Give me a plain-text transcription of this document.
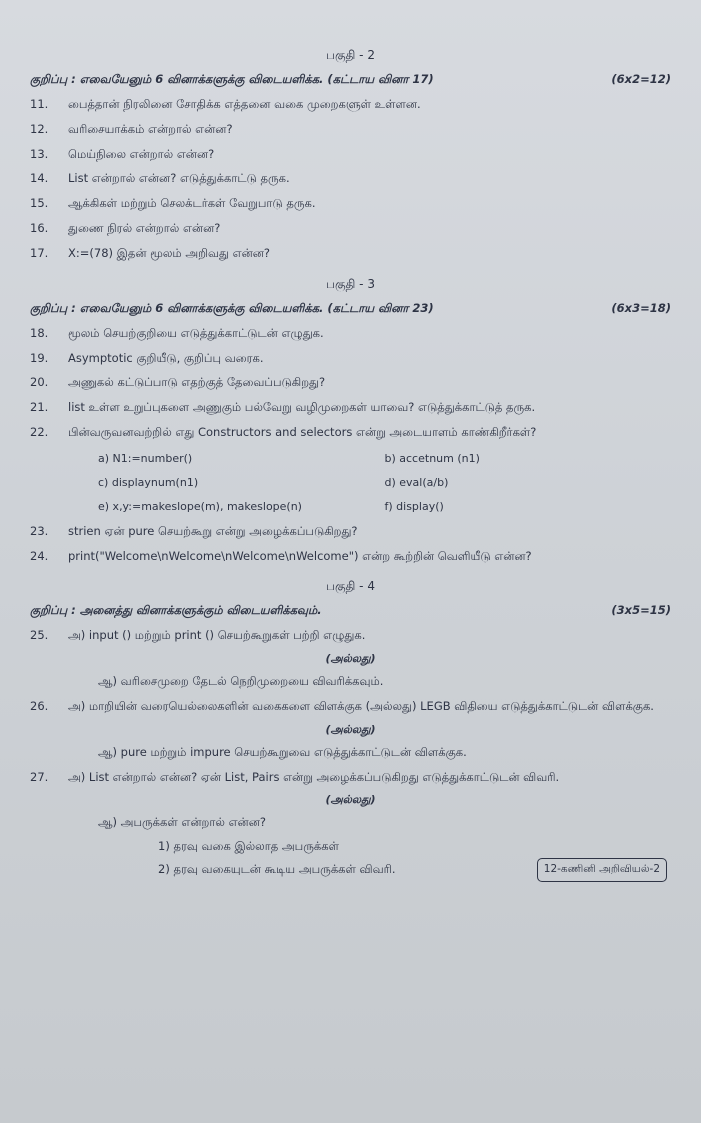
பகுதி - 2
குறிப்பு : எவையேனும் 6 வினாக்களுக்கு விடையளிக்க. (கட்டாய வினா 17)	(6x2=12)
11.	பைத்தான் நிரலினை சோதிக்க எத்தனை வகை முறைகளுள் உள்ளன.
12.	வரிசையாக்கம் என்றால் என்ன?
13.	மெய்நிலை என்றால் என்ன?
14.	List என்றால் என்ன? எடுத்துக்காட்டு தருக.
15.	ஆக்கிகள் மற்றும் செலக்டர்கள் வேறுபாடு தருக.
16.	துணை நிரல் என்றால் என்ன?
17.	X:=(78) இதன் மூலம் அறிவது என்ன?
பகுதி - 3
குறிப்பு : எவையேனும் 6 வினாக்களுக்கு விடையளிக்க. (கட்டாய வினா 23)	(6x3=18)
18.	மூலம் செயற்குறியை எடுத்துக்காட்டுடன் எழுதுக.
19.	Asymptotic குறியீடு, குறிப்பு வரைக.
20.	அணுகல் கட்டுப்பாடு எதற்குத் தேவைப்படுகிறது?
21.	list உள்ள உறுப்புகளை அணுகும் பல்வேறு வழிமுறைகள் யாவை? எடுத்துக்காட்டுத் தருக.
22.	பின்வருவனவற்றில் எது Constructors and selectors என்று அடையாளம் காண்கிறீர்கள்?
a) N1:=number()	b) accetnum (n1)
c) displaynum(n1)	d) eval(a/b)
e) x,y:=makeslope(m), makeslope(n)	f) display()
23.	strien ஏன் pure செயற்கூறு என்று அழைக்கப்படுகிறது?
24.	print("Welcome\nWelcome\nWelcome\nWelcome") என்ற கூற்றின் வெளியீடு என்ன?
பகுதி - 4
குறிப்பு : அனைத்து வினாக்களுக்கும் விடையளிக்கவும்.	(3x5=15)
25.	அ) input () மற்றும் print () செயற்கூறுகள் பற்றி எழுதுக.
(அல்லது)
ஆ) வரிசைமுறை தேடல் நெறிமுறையை விவரிக்கவும்.
26.	அ) மாறியின் வரையெல்லைகளின் வகைகளை விளக்குக (அல்லது) LEGB விதியை எடுத்துக்காட்டுடன் விளக்குக.
(அல்லது)
ஆ) pure மற்றும் impure செயற்கூறுவை எடுத்துக்காட்டுடன் விளக்குக.
27.	அ) List என்றால் என்ன? ஏன் List, Pairs என்று அழைக்கப்படுகிறது எடுத்துக்காட்டுடன் விவரி.
(அல்லது)
ஆ) அபருக்கள் என்றால் என்ன?
1) தரவு வகை இல்லாத அபருக்கள்
2) தரவு வகையுடன் கூடிய அபருக்கள் விவரி.	12-கணினி அறிவியல்-2
